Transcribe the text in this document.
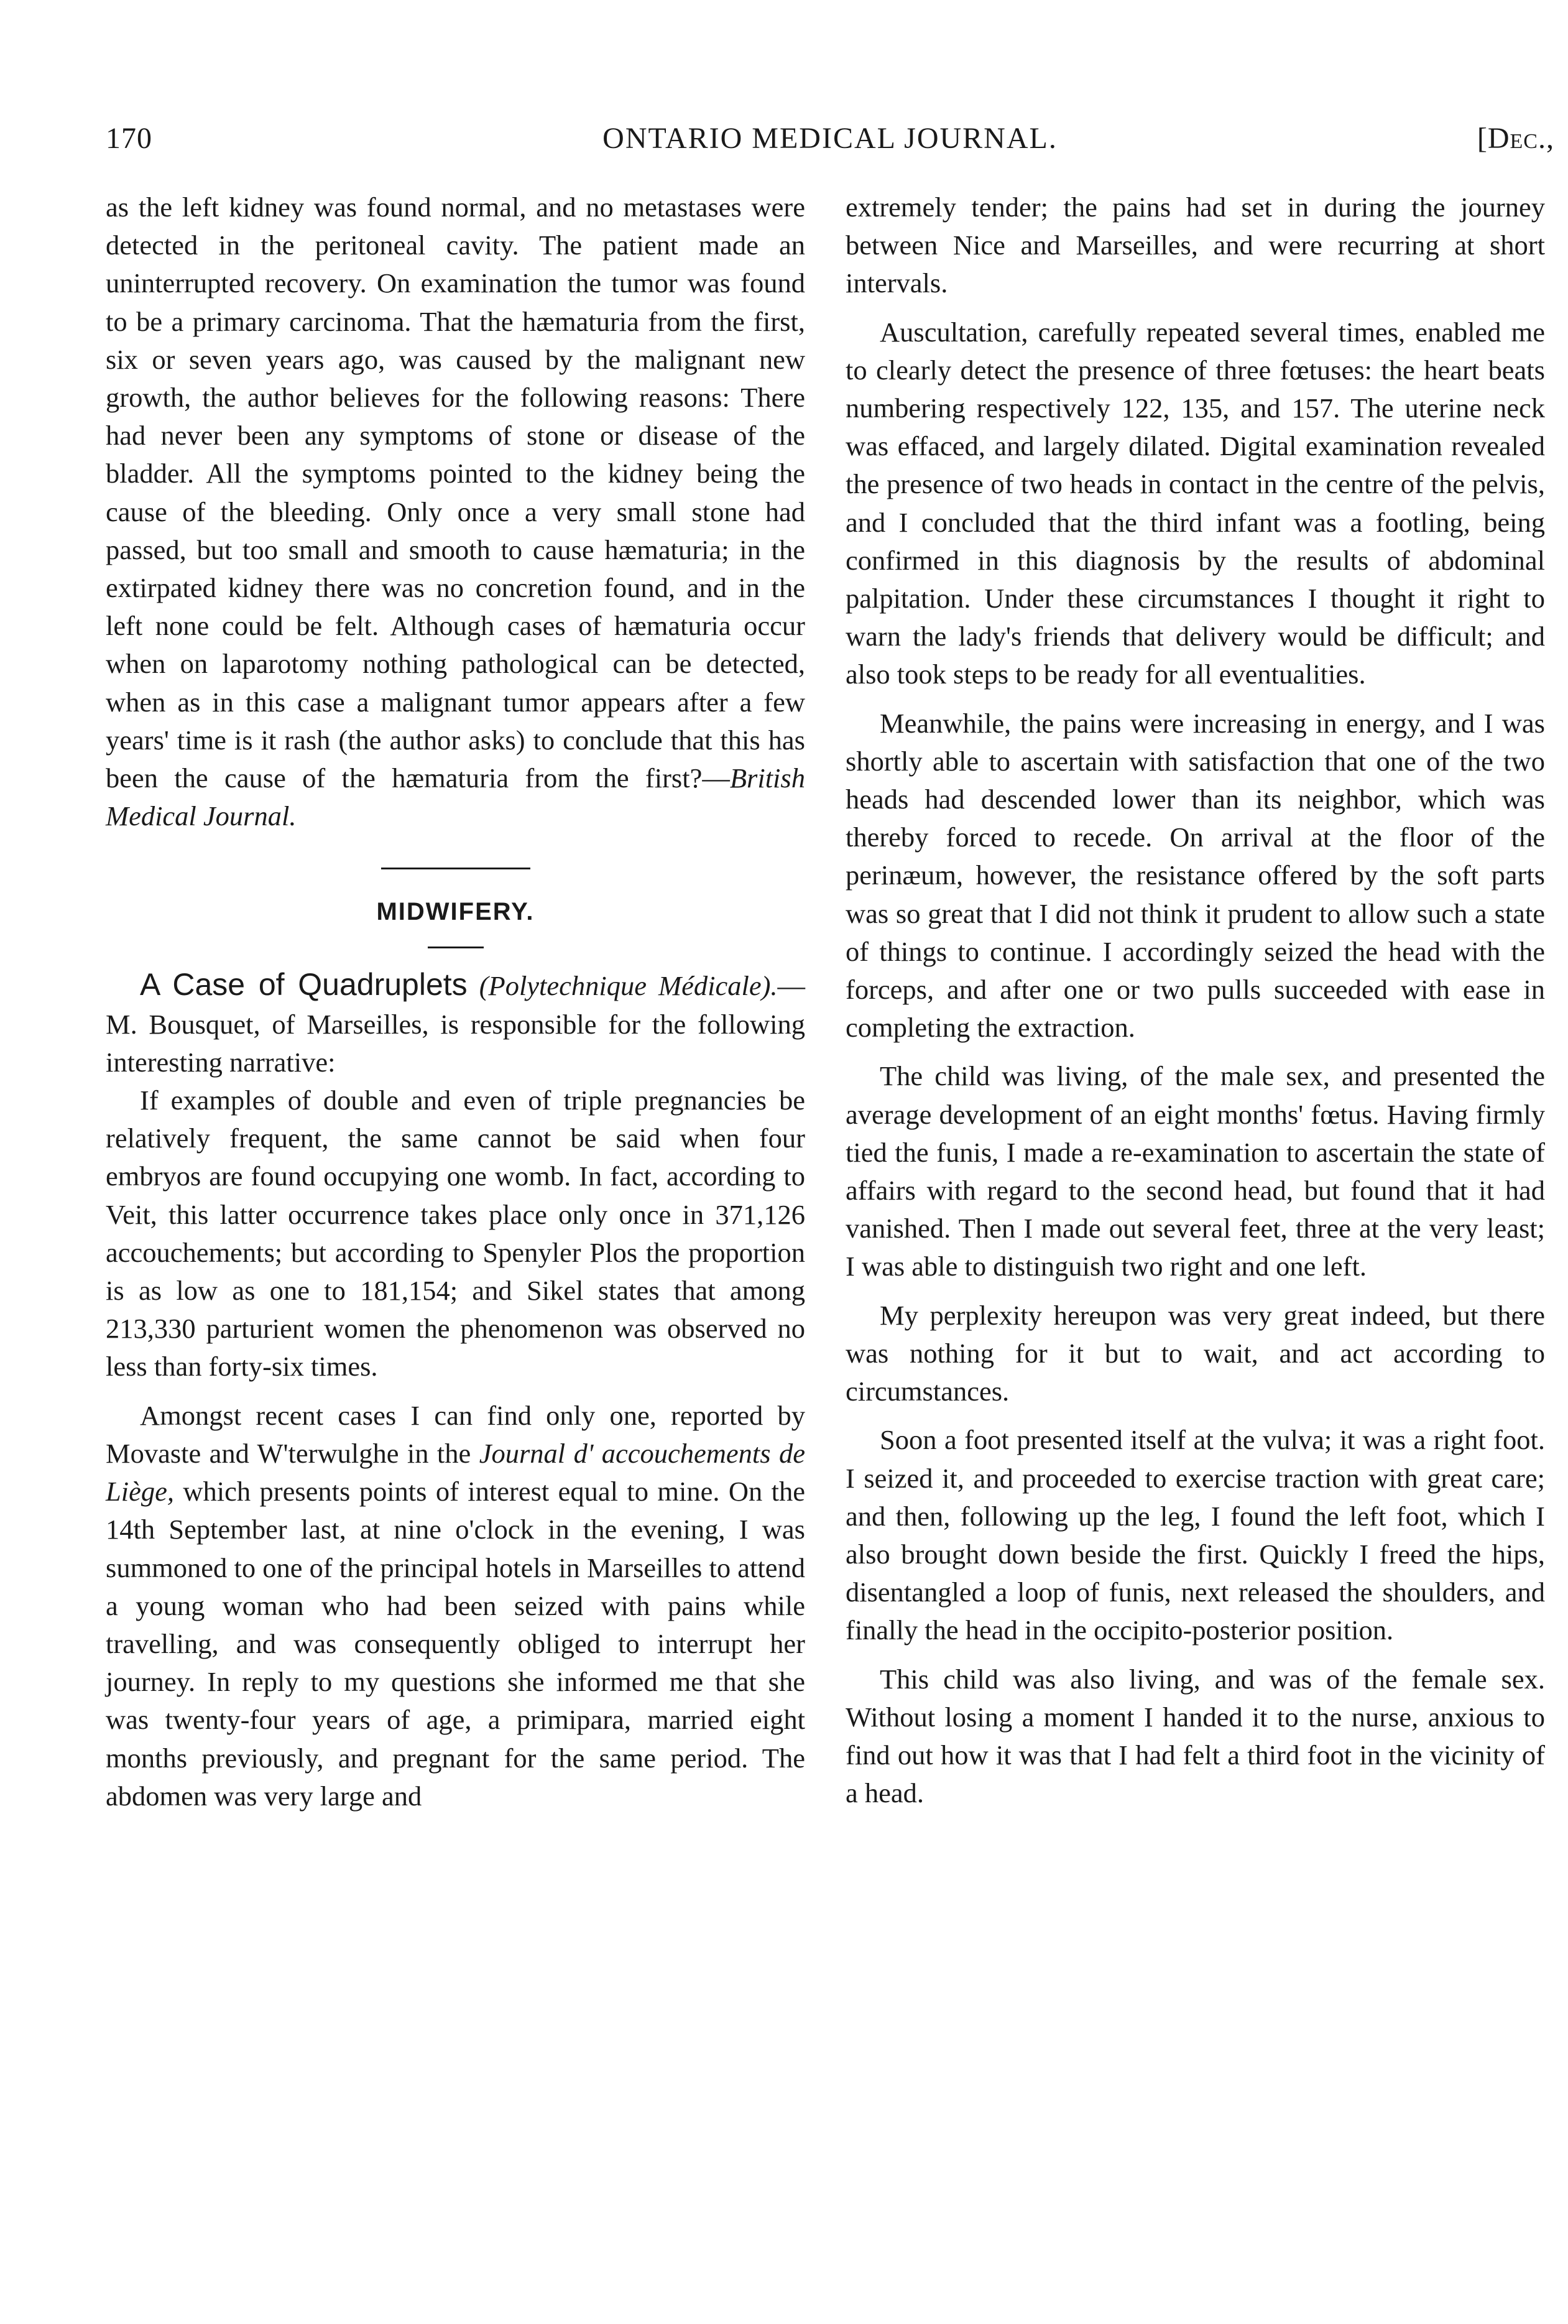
170	ONTARIO MEDICAL JOURNAL.	[Dec.,

as the left kidney was found normal, and no metastases were detected in the peritoneal cavity. The patient made an uninterrupted recovery. On examination the tumor was found to be a primary carcinoma. That the hæmaturia from the first, six or seven years ago, was caused by the malignant new growth, the author believes for the following reasons: There had never been any symptoms of stone or disease of the bladder. All the symptoms pointed to the kidney being the cause of the bleeding. Only once a very small stone had passed, but too small and smooth to cause hæmaturia; in the extirpated kidney there was no concretion found, and in the left none could be felt. Although cases of hæmaturia occur when on laparotomy nothing pathological can be detected, when as in this case a malignant tumor appears after a few years' time is it rash (the author asks) to conclude that this has been the cause of the hæmaturia from the first?—British Medical Journal.

MIDWIFERY.

A Case of Quadruplets (Polytechnique Médicale).—M. Bousquet, of Marseilles, is responsible for the following interesting narrative:

If examples of double and even of triple pregnancies be relatively frequent, the same cannot be said when four embryos are found occupying one womb. In fact, according to Veit, this latter occurrence takes place only once in 371,126 accouchements; but according to Spenyler Plos the proportion is as low as one to 181,154; and Sikel states that among 213,330 parturient women the phenomenon was observed no less than forty-six times.

Amongst recent cases I can find only one, reported by Movaste and W'terwulghe in the Journal d' accouchements de Liège, which presents points of interest equal to mine. On the 14th September last, at nine o'clock in the evening, I was summoned to one of the principal hotels in Marseilles to attend a young woman who had been seized with pains while travelling, and was consequently obliged to interrupt her journey. In reply to my questions she informed me that she was twenty-four years of age, a primipara, married eight months previously, and pregnant for the same period. The abdomen was very large and

extremely tender; the pains had set in during the journey between Nice and Marseilles, and were recurring at short intervals.

Auscultation, carefully repeated several times, enabled me to clearly detect the presence of three fœtuses: the heart beats numbering respectively 122, 135, and 157. The uterine neck was effaced, and largely dilated. Digital examination revealed the presence of two heads in contact in the centre of the pelvis, and I concluded that the third infant was a footling, being confirmed in this diagnosis by the results of abdominal palpitation. Under these circumstances I thought it right to warn the lady's friends that delivery would be difficult; and also took steps to be ready for all eventualities.

Meanwhile, the pains were increasing in energy, and I was shortly able to ascertain with satisfaction that one of the two heads had descended lower than its neighbor, which was thereby forced to recede. On arrival at the floor of the perinæum, however, the resistance offered by the soft parts was so great that I did not think it prudent to allow such a state of things to continue. I accordingly seized the head with the forceps, and after one or two pulls succeeded with ease in completing the extraction.

The child was living, of the male sex, and presented the average development of an eight months' fœtus. Having firmly tied the funis, I made a re-examination to ascertain the state of affairs with regard to the second head, but found that it had vanished. Then I made out several feet, three at the very least; I was able to distinguish two right and one left.

My perplexity hereupon was very great indeed, but there was nothing for it but to wait, and act according to circumstances.

Soon a foot presented itself at the vulva; it was a right foot. I seized it, and proceeded to exercise traction with great care; and then, following up the leg, I found the left foot, which I also brought down beside the first. Quickly I freed the hips, disentangled a loop of funis, next released the shoulders, and finally the head in the occipito-posterior position.

This child was also living, and was of the female sex. Without losing a moment I handed it to the nurse, anxious to find out how it was that I had felt a third foot in the vicinity of a head.
